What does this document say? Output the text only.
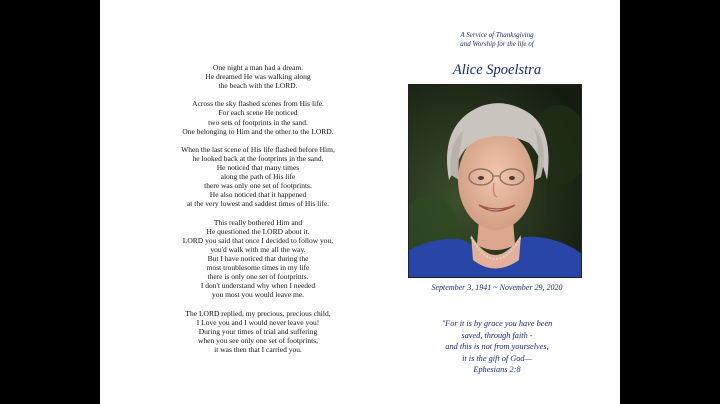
One night a man had a dream.
He dreamed He was walking along
the beach with the LORD.
Across the sky flashed scenes from His life.
For each scene He noticed
two sets of footprints in the sand.
One belonging to Him and the other to the LORD.
When the last scene of His life flashed before Him,
he looked back at the footprints in the sand.
He noticed that many times
along the path of His life
there was only one set of footprints.
He also noticed that it happened
at the very lowest and saddest times of His life.
This really bothered Him and
He questioned the LORD about it.
LORD you said that once I decided to follow you,
you'd walk with me all the way.
But I have noticed that during the
most troublesome times in my life
there is only one set of footprints.
I don't understand why when I needed
you most you would leave me.
The LORD replied, my precious, precious child,
I Love you and I would never leave you!
During your times of trial and suffering
when you see only one set of footprints,
it was then that I carried you.
A Service of Thanksgiving
and Worship for the life of
Alice Spoelstra
September 3, 1941 ~ November 29, 2020
"For it is by grace you have been
saved, through faith -
and this is not from yourselves,
it is the gift of God—
Ephesians 2:8
